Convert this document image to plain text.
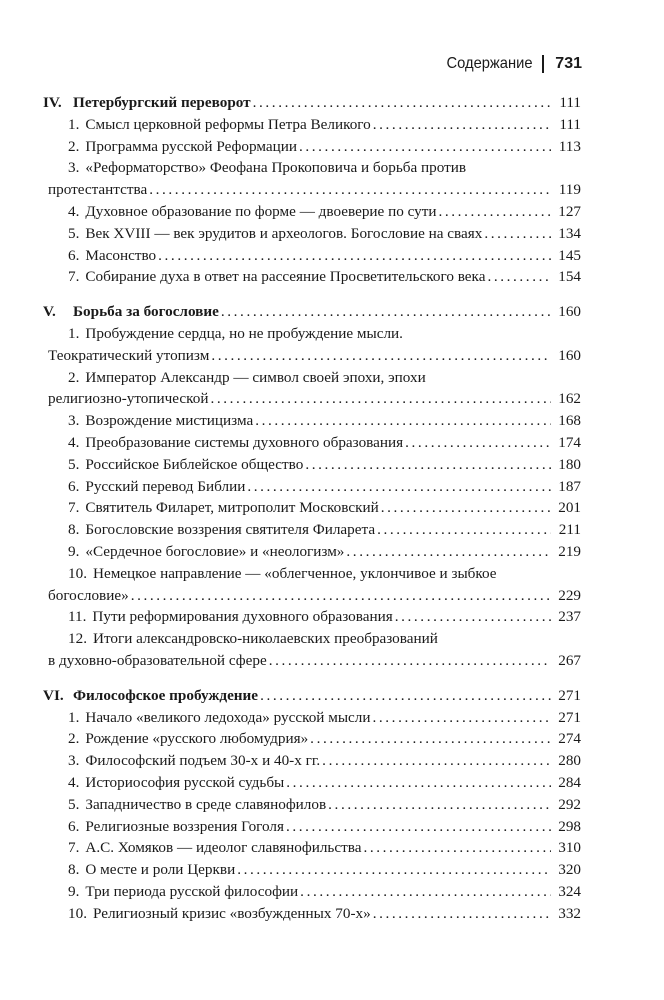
Содержание 731
IV. Петербургский переворот . . .	111
1. Смысл церковной реформы Петра Великого . . .	111
2. Программа русской Реформации . . .	113
3. «Реформаторство» Феофана Прокоповича и борьба против
протестантства . . .	119
4. Духовное образование по форме — двоеверие по сути . . .	127
5. Век XVIII — век эрудитов и археологов. Богословие на сваях . . .	134
6. Масонство . . .	145
7. Собирание духа в ответ на рассеяние Просветительского века . . .	154
V. Борьба за богословие . . .	160
1. Пробуждение сердца, но не пробуждение мысли.
Теократический утопизм . . .	160
2. Император Александр — символ своей эпохи, эпохи
религиозно-утопической . . .	162
3. Возрождение мистицизма . . .	168
4. Преобразование системы духовного образования . . .	174
5. Российское Библейское общество . . .	180
6. Русский перевод Библии . . .	187
7. Святитель Филарет, митрополит Московский . . .	201
8. Богословские воззрения святителя Филарета . . .	211
9. «Сердечное богословие» и «неологизм» . . .	219
10. Немецкое направление — «облегченное, уклончивое и зыбкое
богословие» . . .	229
11. Пути реформирования духовного образования . . .	237
12. Итоги александровско-николаевских преобразований
в духовно-образовательной сфере . . .	267
VI. Философское пробуждение . . .	271
1. Начало «великого ледохода» русской мысли . . .	271
2. Рождение «русского любомудрия» . . .	274
3. Философский подъем 30-х и 40-х гг. . . .	280
4. Историософия русской судьбы . . .	284
5. Западничество в среде славянофилов . . .	292
6. Религиозные воззрения Гоголя . . .	298
7. А.С. Хомяков — идеолог славянофильства . . .	310
8. О месте и роли Церкви . . .	320
9. Три периода русской философии . . .	324
10. Религиозный кризис «возбужденных 70-х» . . .	332
